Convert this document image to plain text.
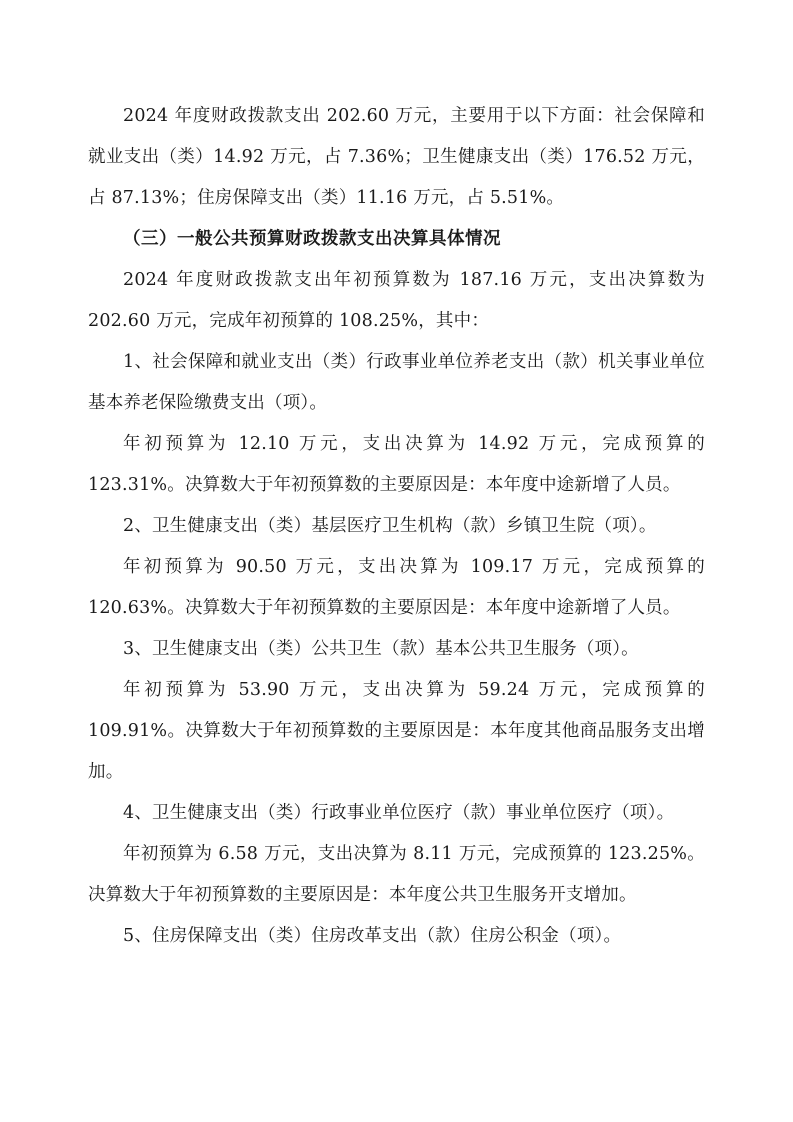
2024 年度财政拨款支出 202.60 万元，主要用于以下方面：社会保障和就业支出（类）14.92 万元，占 7.36%；卫生健康支出（类）176.52 万元，占 87.13%；住房保障支出（类）11.16 万元，占 5.51%。

（三）一般公共预算财政拨款支出决算具体情况

2024 年度财政拨款支出年初预算数为 187.16 万元，支出决算数为 202.60 万元，完成年初预算的 108.25%，其中：

1、社会保障和就业支出（类）行政事业单位养老支出（款）机关事业单位基本养老保险缴费支出（项）。

年初预算为 12.10 万元，支出决算为 14.92 万元，完成预算的 123.31%。决算数大于年初预算数的主要原因是：本年度中途新增了人员。

2、卫生健康支出（类）基层医疗卫生机构（款）乡镇卫生院（项）。

年初预算为 90.50 万元，支出决算为 109.17 万元，完成预算的 120.63%。决算数大于年初预算数的主要原因是：本年度中途新增了人员。

3、卫生健康支出（类）公共卫生（款）基本公共卫生服务（项）。

年初预算为 53.90 万元，支出决算为 59.24 万元，完成预算的 109.91%。决算数大于年初预算数的主要原因是：本年度其他商品服务支出增加。

4、卫生健康支出（类）行政事业单位医疗（款）事业单位医疗（项）。

年初预算为 6.58 万元，支出决算为 8.11 万元，完成预算的 123.25%。决算数大于年初预算数的主要原因是：本年度公共卫生服务开支增加。

5、住房保障支出（类）住房改革支出（款）住房公积金（项）。
